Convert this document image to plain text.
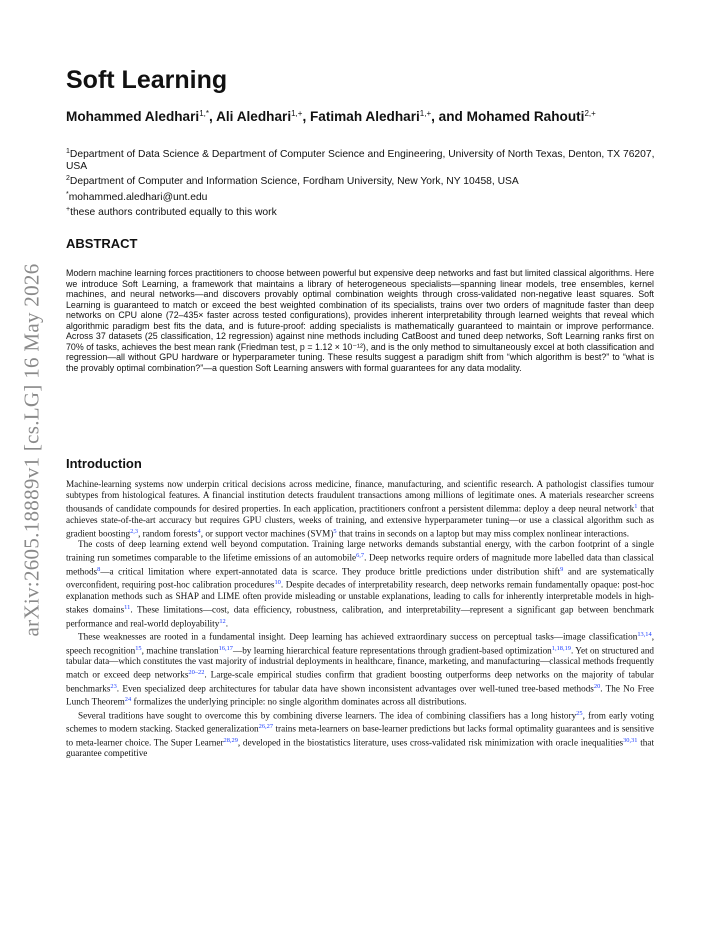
arXiv:2605.18889v1 [cs.LG] 16 May 2026
Soft Learning
Mohammed Aledhari$^{1,*}$, Ali Aledhari$^{1,+}$, Fatimah Aledhari$^{1,+}$, and Mohamed Rahouti$^{2,+}$
$^1$Department of Data Science & Department of Computer Science and Engineering, University of North Texas, Denton, TX 76207, USA
$^2$Department of Computer and Information Science, Fordham University, New York, NY 10458, USA
*mohammed.aledhari@unt.edu
+these authors contributed equally to this work
ABSTRACT
Modern machine learning forces practitioners to choose between powerful but expensive deep networks and fast but limited classical algorithms. Here we introduce Soft Learning, a framework that maintains a library of heterogeneous specialists—spanning linear models, tree ensembles, kernel machines, and neural networks—and discovers provably optimal combination weights through cross-validated non-negative least squares. Soft Learning is guaranteed to match or exceed the best weighted combination of its specialists, trains over two orders of magnitude faster than deep networks on CPU alone (72–435× faster across tested configurations), provides inherent interpretability through learned weights that reveal which algorithmic paradigm best fits the data, and is future-proof: adding specialists is mathematically guaranteed to maintain or improve performance. Across 37 datasets (25 classification, 12 regression) against nine methods including CatBoost and tuned deep networks, Soft Learning ranks first on 70% of tasks, achieves the best mean rank (Friedman test, p = 1.12 × 10⁻¹²), and is the only method to simultaneously excel at both classification and regression—all without GPU hardware or hyperparameter tuning. These results suggest a paradigm shift from “which algorithm is best?” to “what is the provably optimal combination?”—a question Soft Learning answers with formal guarantees for any data modality.
Introduction

Machine-learning systems now underpin critical decisions across medicine, finance, manufacturing, and scientific research. A pathologist classifies tumour subtypes from histological features. A financial institution detects fraudulent transactions among millions of legitimate ones. A materials researcher screens thousands of candidate compounds for desired properties. In each application, practitioners confront a persistent dilemma: deploy a deep neural network$^1$ that achieves state-of-the-art accuracy but requires GPU clusters, weeks of training, and extensive hyperparameter tuning—or use a classical algorithm such as gradient boosting$^{2,3}$, random forests$^4$, or support vector machines (SVM)$^5$ that trains in seconds on a laptop but may miss complex nonlinear interactions.

The costs of deep learning extend well beyond computation. Training large networks demands substantial energy, with the carbon footprint of a single training run sometimes comparable to the lifetime emissions of an automobile$^{6,7}$. Deep networks require orders of magnitude more labelled data than classical methods$^8$—a critical limitation where expert-annotated data is scarce. They produce brittle predictions under distribution shift$^9$ and are systematically overconfident, requiring post-hoc calibration procedures$^{10}$. Despite decades of interpretability research, deep networks remain fundamentally opaque: post-hoc explanation methods such as SHAP and LIME often provide misleading or unstable explanations, leading to calls for inherently interpretable models in high-stakes domains$^{11}$. These limitations—cost, data efficiency, robustness, calibration, and interpretability—represent a significant gap between benchmark performance and real-world deployability$^{12}$.

These weaknesses are rooted in a fundamental insight. Deep learning has achieved extraordinary success on perceptual tasks—image classification$^{13,14}$, speech recognition$^{15}$, machine translation$^{16,17}$—by learning hierarchical feature representations through gradient-based optimization$^{1,18,19}$. Yet on structured and tabular data—which constitutes the vast majority of industrial deployments in healthcare, finance, marketing, and manufacturing—classical methods frequently match or exceed deep networks$^{20-22}$. Large-scale empirical studies confirm that gradient boosting outperforms deep networks on the majority of tabular benchmarks$^{23}$. Even specialized deep architectures for tabular data have shown inconsistent advantages over well-tuned tree-based methods$^{20}$. The No Free Lunch Theorem$^{24}$ formalizes the underlying principle: no single algorithm dominates across all distributions.

Several traditions have sought to overcome this by combining diverse learners. The idea of combining classifiers has a long history$^{25}$, from early voting schemes to modern stacking. Stacked generalization$^{26,27}$ trains meta-learners on base-learner predictions but lacks formal optimality guarantees and is sensitive to meta-learner choice. The Super Learner$^{28,29}$, developed in the biostatistics literature, uses cross-validated risk minimization with oracle inequalities$^{30,31}$ that guarantee competitive
